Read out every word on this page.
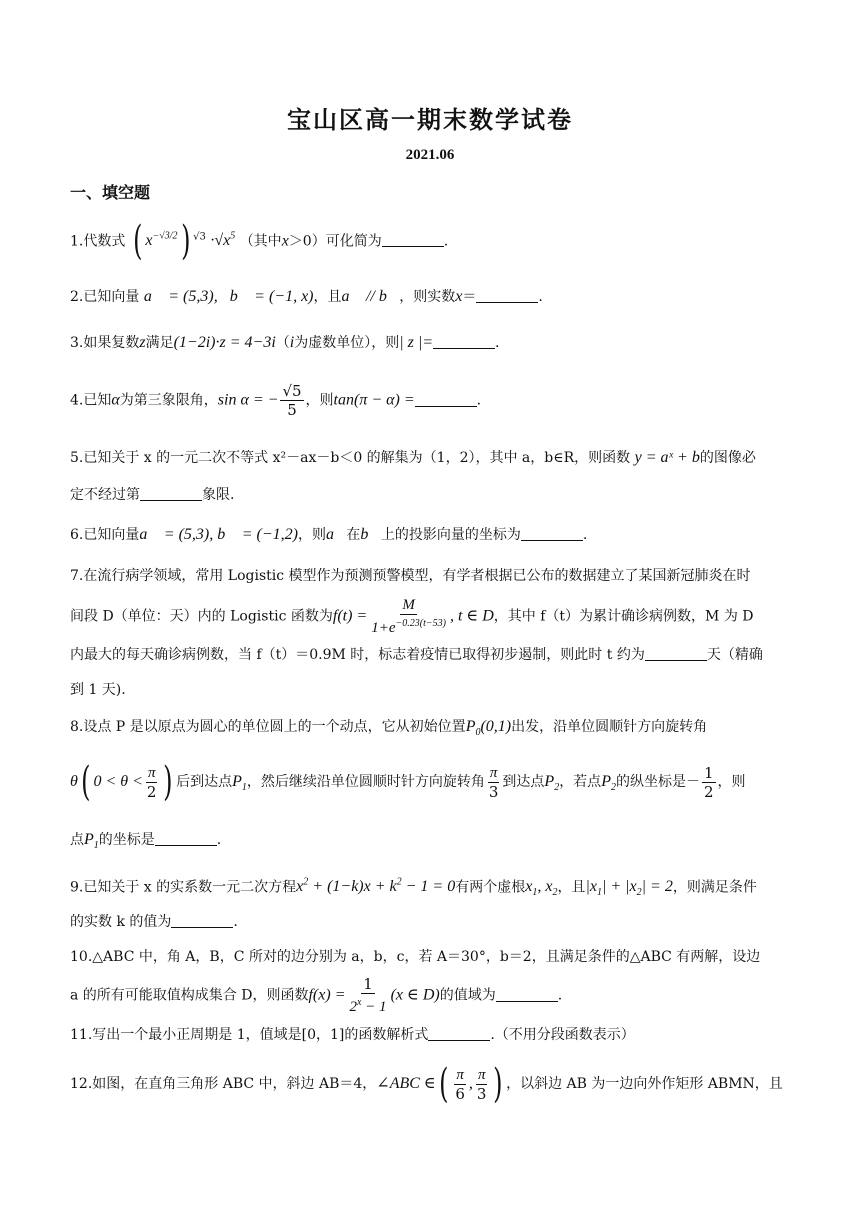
宝山区高一期末数学试卷
2021.06
一、填空题
1.代数式 ( $x^{-√3/2}$) $^{√3} \cdot√x^5$ （其中x＞0）可化简为	.
2.已知向量 a⃗ = (5,3),   b⃗ = (−1, x)，且a⃗ // b⃗，则实数x＝	.
3.如果复数z满足(1−2i)·z = 4−3i（i为虚数单位），则| z |=	.
4.已知α为第三象限角，sin α = − $\frac{√5}{5}$ ，则tan(π − α) =	.
5.已知关于 x 的一元二次不等式 x²－ax－b＜0 的解集为（1，2），其中 a，b∈R，则函数 y = aˣ + b的图像必
定不经过第	象限.
6.已知向量a⃗ = (5,3), b⃗ = (−1,2)，则a⃗在b⃗上的投影向量的坐标为	.
7.在流行病学领域，常用 Logistic 模型作为预测预警模型，有学者根据已公布的数据建立了某国新冠肺炎在时
间段 D（单位：天）内的 Logistic 函数为$f(t) = \frac{M}{1+e^{-0.23(t-53)}}$ , t ∈ D，其中 f（t）为累计确诊病例数，M 为 D
内最大的每天确诊病例数，当 f（t）＝0.9M 时，标志着疫情已取得初步遏制，则此时 t 约为	天（精确
到 1 天).
8.设点 P 是以原点为圆心的单位圆上的一个动点，它从初始位置$P_0(0,1)$出发，沿单位圆顺针方向旋转角
θ( $0 < \theta < \frac{\pi}{2}$ ) 后到达点$P_1$，然后继续沿单位圆顺时针方向旋转角 $\frac{\pi}{3}$ 到达点$P_2$，若点$P_2$的纵坐标是－ $\frac{1}{2}$ ，则
点$P_1$的坐标是	.
9.已知关于 x 的实系数一元二次方程$x^2 + (1-k)x + k^2 - 1 = 0$有两个虚根$x_1$, $x_2$，且$|x_1| + |x_2| = 2$，则满足条件
的实数 k 的值为	.
10.△ABC 中，角 A，B，C 所对的边分别为 a，b，c，若 A＝30°，b＝2，且满足条件的△ABC 有两解，设边
a 的所有可能取值构成集合 D，则函数$f(x) = \frac{1}{2^x - 1} (x$ ∈ D)的值域为	.
11.写出一个最小正周期是 1，值域是[0，1]的函数解析式	.（不用分段函数表示）
12.如图，在直角三角形 ABC 中，斜边 AB＝4，∠ABC ∈( $\frac{\pi}{6}$ , $\frac{\pi}{3}$ ) ，以斜边 AB 为一边向外作矩形 ABMN，且
